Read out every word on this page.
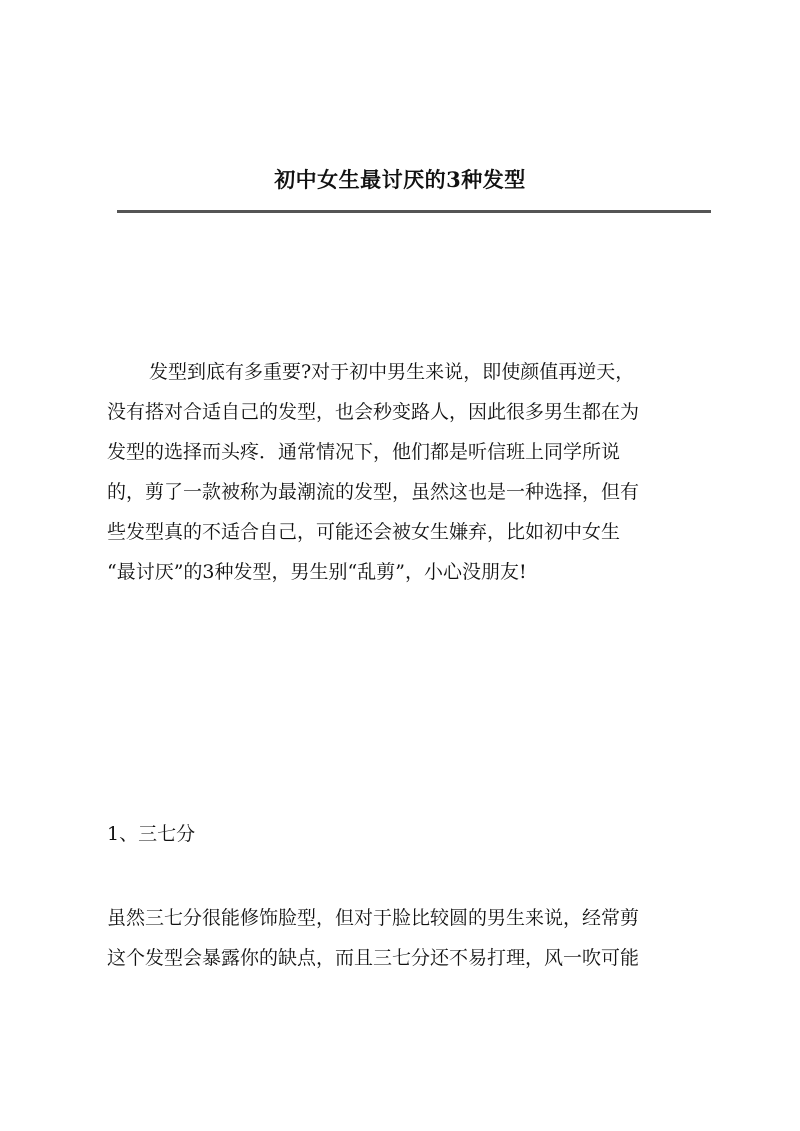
初中女生最讨厌的3种发型
发型到底有多重要?对于初中男生来说，即使颜值再逆天，
没有搭对合适自己的发型，也会秒变路人，因此很多男生都在为
发型的选择而头疼．通常情况下，他们都是听信班上同学所说
的，剪了一款被称为最潮流的发型，虽然这也是一种选择，但有
些发型真的不适合自己，可能还会被女生嫌弃，比如初中女生
“最讨厌”的3种发型，男生别“乱剪”，小心没朋友!
1、三七分
虽然三七分很能修饰脸型，但对于脸比较圆的男生来说，经常剪
这个发型会暴露你的缺点，而且三七分还不易打理，风一吹可能
